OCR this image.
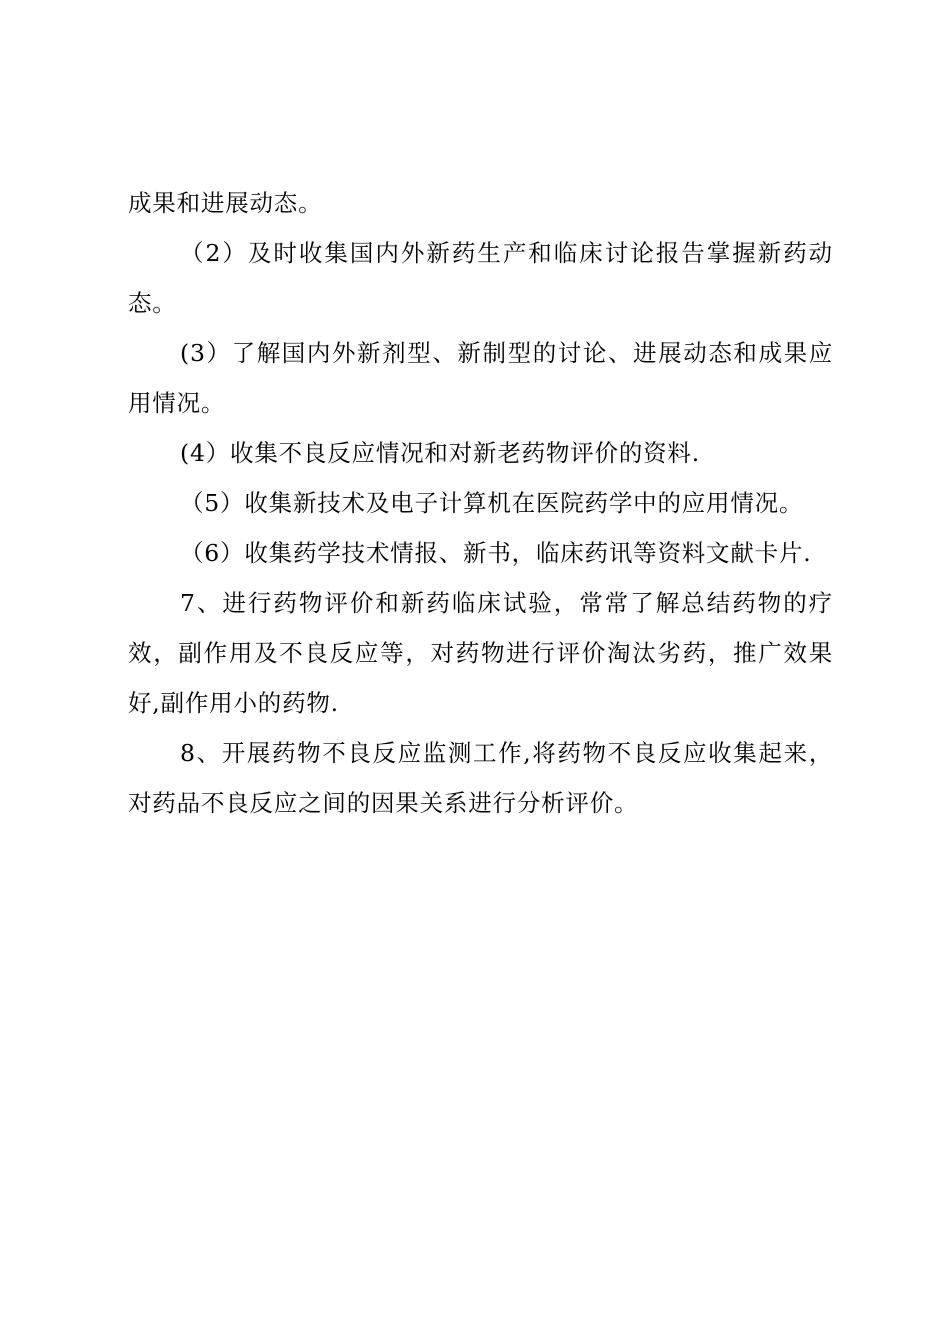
成果和进展动态。

（2）及时收集国内外新药生产和临床讨论报告掌握新药动态。

(3）了解国内外新剂型、新制型的讨论、进展动态和成果应用情况。

(4）收集不良反应情况和对新老药物评价的资料.

（5）收集新技术及电子计算机在医院药学中的应用情况。

（6）收集药学技术情报、新书，临床药讯等资料文献卡片.

7、进行药物评价和新药临床试验，常常了解总结药物的疗效，副作用及不良反应等，对药物进行评价淘汰劣药，推广效果好,副作用小的药物.

8、开展药物不良反应监测工作,将药物不良反应收集起来，对药品不良反应之间的因果关系进行分析评价。
